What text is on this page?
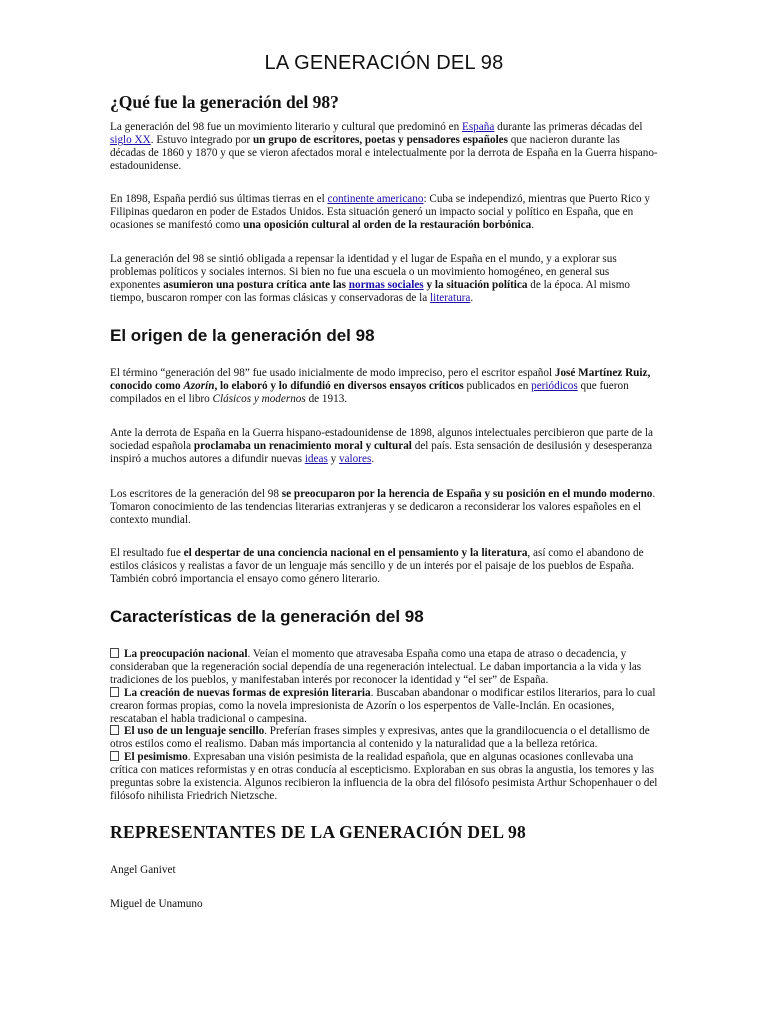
LA GENERACIÓN DEL 98
¿Qué fue la generación del 98?

La generación del 98 fue un movimiento literario y cultural que predominó en España durante las primeras décadas del siglo XX. Estuvo integrado por un grupo de escritores, poetas y pensadores españoles que nacieron durante las décadas de 1860 y 1870 y que se vieron afectados moral e intelectualmente por la derrota de España en la Guerra hispano-estadounidense.

En 1898, España perdió sus últimas tierras en el continente americano: Cuba se independizó, mientras que Puerto Rico y Filipinas quedaron en poder de Estados Unidos. Esta situación generó un impacto social y político en España, que en ocasiones se manifestó como una oposición cultural al orden de la restauración borbónica.

La generación del 98 se sintió obligada a repensar la identidad y el lugar de España en el mundo, y a explorar sus problemas políticos y sociales internos. Si bien no fue una escuela o un movimiento homogéneo, en general sus exponentes asumieron una postura crítica ante las normas sociales y la situación política de la época. Al mismo tiempo, buscaron romper con las formas clásicas y conservadoras de la literatura.

El origen de la generación del 98

El término “generación del 98” fue usado inicialmente de modo impreciso, pero el escritor español José Martínez Ruiz, conocido como Azorín, lo elaboró y lo difundió en diversos ensayos críticos publicados en periódicos que fueron compilados en el libro Clásicos y modernos de 1913.

Ante la derrota de España en la Guerra hispano-estadounidense de 1898, algunos intelectuales percibieron que parte de la sociedad española proclamaba un renacimiento moral y cultural del país. Esta sensación de desilusión y desesperanza inspiró a muchos autores a difundir nuevas ideas y valores.

Los escritores de la generación del 98 se preocuparon por la herencia de España y su posición en el mundo moderno. Tomaron conocimiento de las tendencias literarias extranjeras y se dedicaron a reconsiderar los valores españoles en el contexto mundial.

El resultado fue el despertar de una conciencia nacional en el pensamiento y la literatura, así como el abandono de estilos clásicos y realistas a favor de un lenguaje más sencillo y de un interés por el paisaje de los pueblos de España. También cobró importancia el ensayo como género literario.

Características de la generación del 98
La preocupación nacional. Veían el momento que atravesaba España como una etapa de atraso o decadencia, y consideraban que la regeneración social dependía de una regeneración intelectual. Le daban importancia a la vida y las tradiciones de los pueblos, y manifestaban interés por reconocer la identidad y “el ser” de España.
La creación de nuevas formas de expresión literaria. Buscaban abandonar o modificar estilos literarios, para lo cual crearon formas propias, como la novela impresionista de Azorín o los esperpentos de Valle-Inclán. En ocasiones, rescataban el habla tradicional o campesina.
El uso de un lenguaje sencillo. Preferían frases simples y expresivas, antes que la grandilocuencia o el detallismo de otros estilos como el realismo. Daban más importancia al contenido y la naturalidad que a la belleza retórica.
El pesimismo. Expresaban una visión pesimista de la realidad española, que en algunas ocasiones conllevaba una crítica con matices reformistas y en otras conducía al escepticismo. Exploraban en sus obras la angustia, los temores y las preguntas sobre la existencia. Algunos recibieron la influencia de la obra del filósofo pesimista Arthur Schopenhauer o del filósofo nihilista Friedrich Nietzsche.
REPRESENTANTES DE LA GENERACIÓN DEL 98
Angel Ganivet
Miguel de Unamuno
